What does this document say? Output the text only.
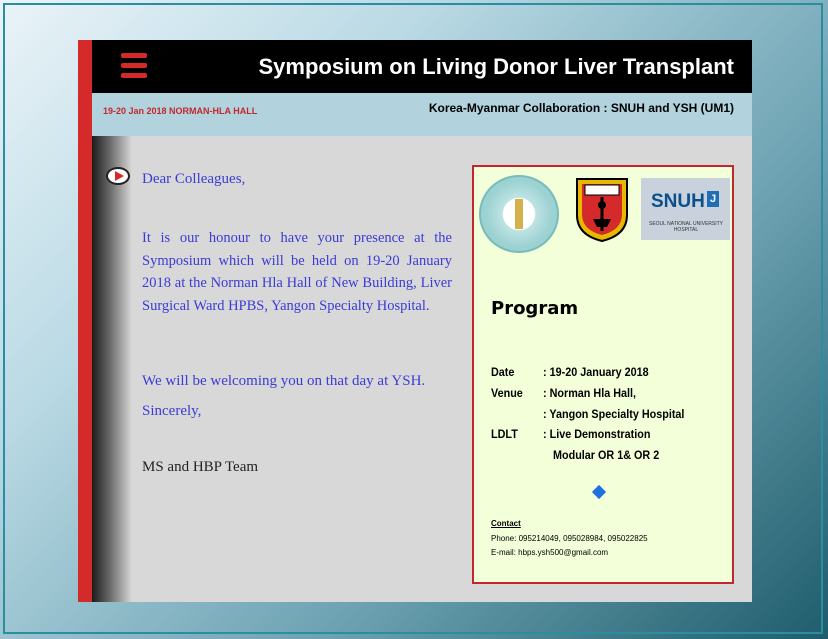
Symposium on Living Donor Liver Transplant
19-20 Jan 2018 NORMAN-HLA HALL	Korea-Myanmar Collaboration : SNUH and YSH (UM1)
Dear Colleagues,
It is our honour to have your presence at the Symposium which will be held on 19-20 January 2018 at the Norman Hla Hall of New Building, Liver Surgical Ward HPBS, Yangon Specialty Hospital.
We will be welcoming you on that day at YSH.
Sincerely,
MS and HBP Team
SNUH J
SEOUL NATIONAL UNIVERSITY HOSPITAL
Program
Date : 19-20 January 2018
Venue : Norman Hla Hall,
: Yangon Specialty Hospital
LDLT : Live Demonstration
Modular OR 1& OR 2
Contact
Phone: 095214049, 095028984, 095022825
E-mail: hbps.ysh500@gmail.com
